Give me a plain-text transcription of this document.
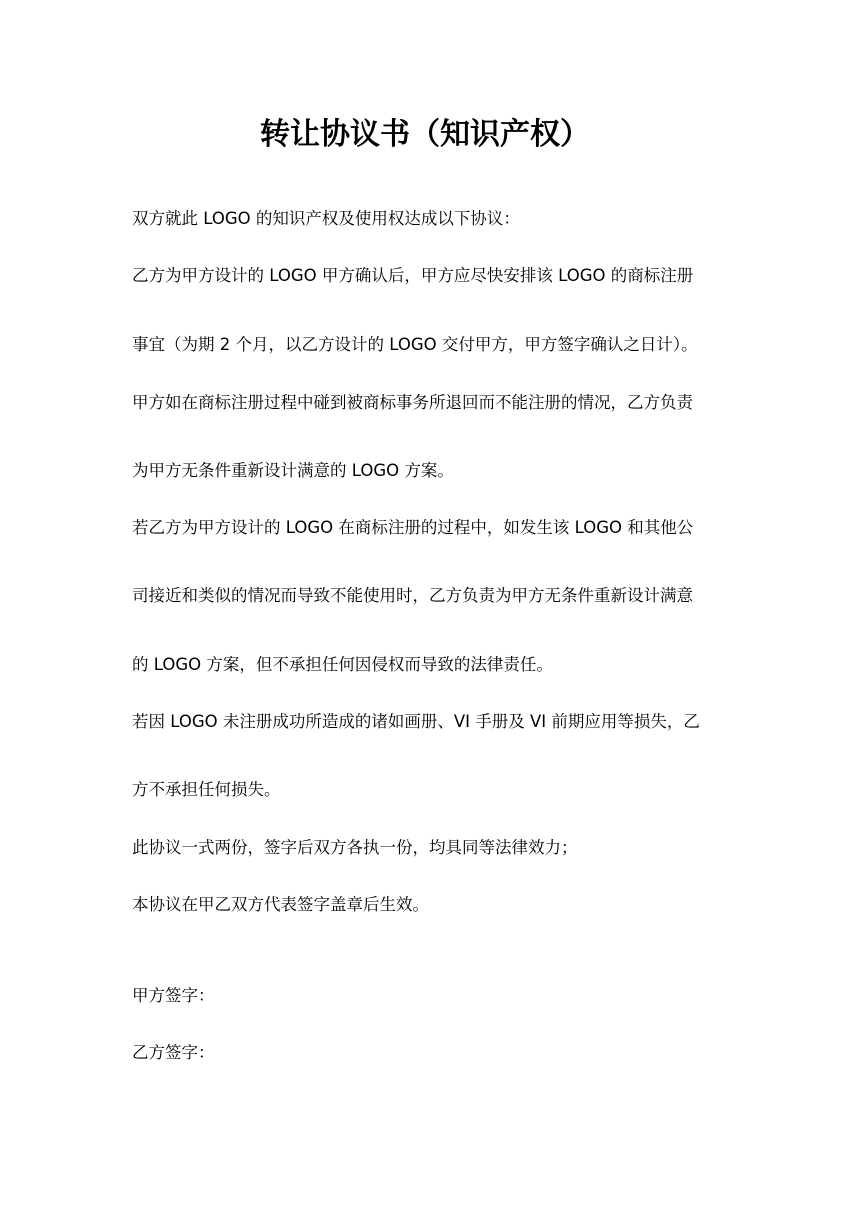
转让协议书（知识产权）
双方就此 LOGO 的知识产权及使用权达成以下协议：
乙方为甲方设计的 LOGO 甲方确认后，甲方应尽快安排该 LOGO 的商标注册
事宜（为期 2 个月，以乙方设计的 LOGO 交付甲方，甲方签字确认之日计）。
甲方如在商标注册过程中碰到被商标事务所退回而不能注册的情况，乙方负责
为甲方无条件重新设计满意的 LOGO 方案。
若乙方为甲方设计的 LOGO 在商标注册的过程中，如发生该 LOGO 和其他公
司接近和类似的情况而导致不能使用时，乙方负责为甲方无条件重新设计满意
的 LOGO 方案，但不承担任何因侵权而导致的法律责任。
若因 LOGO 未注册成功所造成的诸如画册、VI 手册及 VI 前期应用等损失，乙
方不承担任何损失。
此协议一式两份，签字后双方各执一份，均具同等法律效力；
本协议在甲乙双方代表签字盖章后生效。
甲方签字：
乙方签字：
